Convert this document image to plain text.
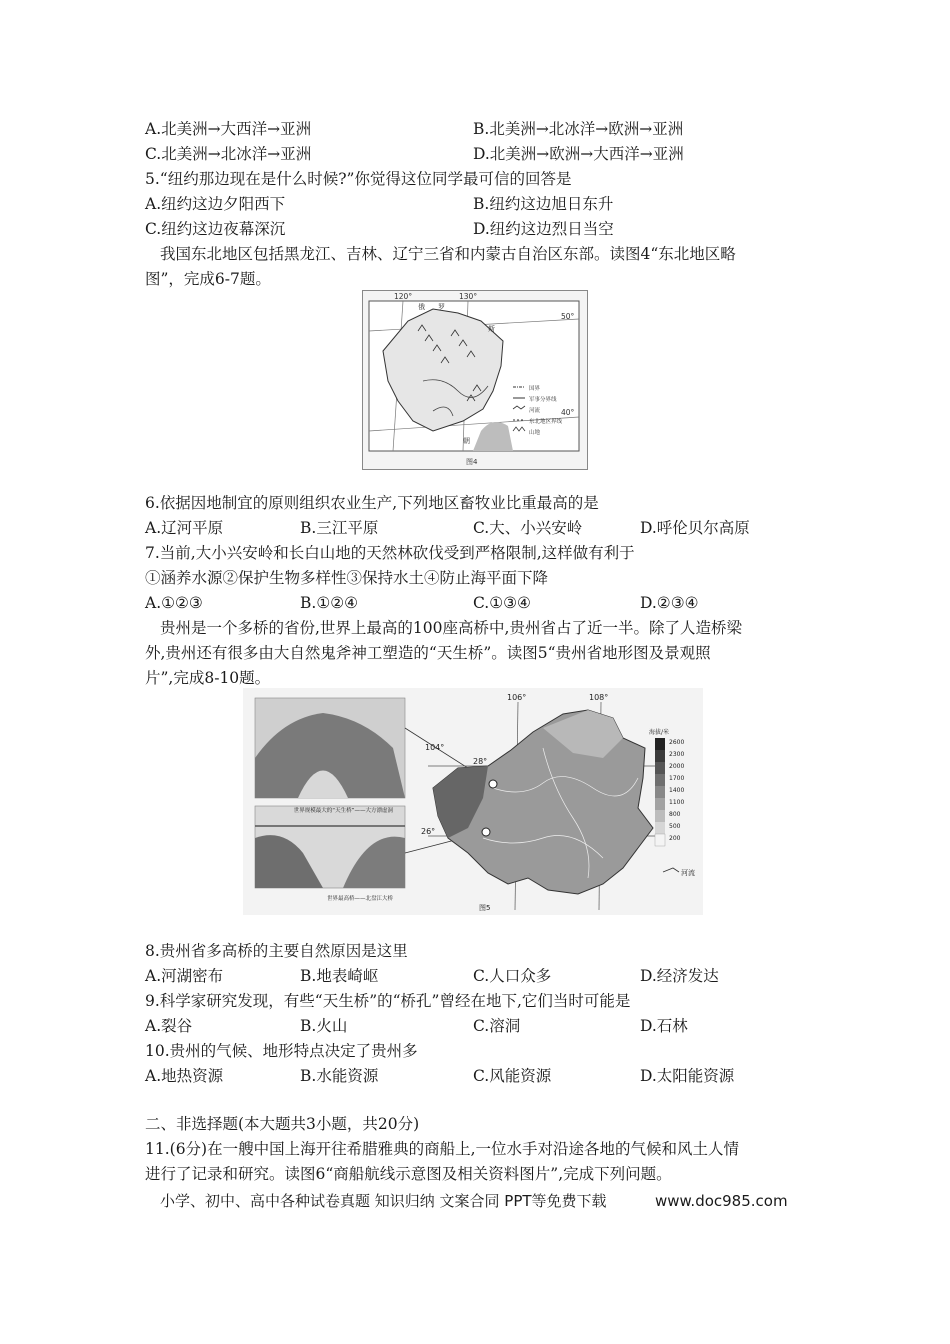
A.北美洲→大西洋→亚洲	B.北美洲→北冰洋→欧洲→亚洲
C.北美洲→北冰洋→亚洲	D.北美洲→欧洲→大西洋→亚洲
5.“纽约那边现在是什么时候?”你觉得这位同学最可信的回答是
A.纽约这边夕阳西下	B.纽约这边旭日东升
C.纽约这边夜幕深沉	D.纽约这边烈日当空
我国东北地区包括黑龙江、吉林、辽宁三省和内蒙古自治区东部。读图4“东北地区略
图”，完成6-7题。
120°	130°
50°
40°
俄 罗
斯
朝
国界
军事分界线
河流
东北地区界线
山地
图4
6.依据因地制宜的原则组织农业生产,下列地区畜牧业比重最高的是
A.辽河平原	B.三江平原	C.大、小兴安岭	D.呼伦贝尔高原
7.当前,大小兴安岭和长白山地的天然林砍伐受到严格限制,这样做有利于
①涵养水源②保护生物多样性③保持水土④防止海平面下降
A.①②③	B.①②④	C.①③④	D.②③④
贵州是一个多桥的省份,世界上最高的100座高桥中,贵州省占了近一半。除了人造桥梁
外,贵州还有很多由大自然鬼斧神工塑造的“天生桥”。读图5“贵州省地形图及景观照
片”,完成8-10题。
世界规模最大的“天生桥”——大方漂虚洞
世界最高桥——北盘江大桥
106°	108°
104°
28°
26°
海拔/米
2600
2300
2000
1700
1400
1100
800
500
200
河流
图5
8.贵州省多高桥的主要自然原因是这里
A.河湖密布	B.地表崎岖	C.人口众多	D.经济发达
9.科学家研究发现，有些“天生桥”的“桥孔”曾经在地下,它们当时可能是
A.裂谷	B.火山	C.溶洞	D.石林
10.贵州的气候、地形特点决定了贵州多
A.地热资源	B.水能资源	C.风能资源	D.太阳能资源
二、非选择题(本大题共3小题，共20分)
11.(6分)在一艘中国上海开往希腊雅典的商船上,一位水手对沿途各地的气候和风土人情
进行了记录和研究。读图6“商船航线示意图及相关资料图片”,完成下列问题。
小学、初中、高中各种试卷真题 知识归纳 文案合同 PPT等免费下载	www.doc985.com
